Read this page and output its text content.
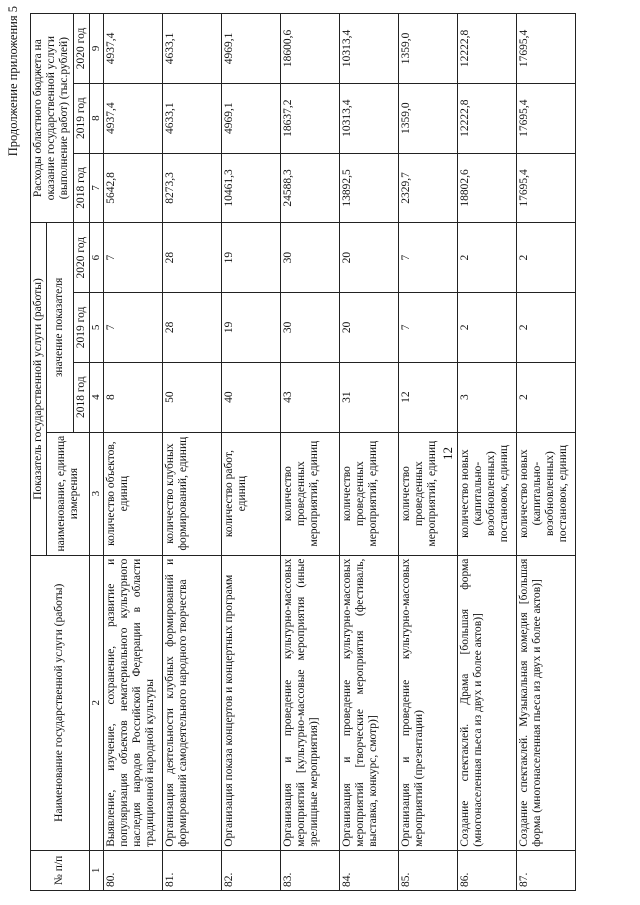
Продолжение приложения 5
12
№ п/п	Наименование государственной услуги (работы)	Показатель государственной услуги (работы)				Расходы областного бюджета на оказание государственной услуги (выполнение работ) (тыс.рублей)		
		наименование, единица измерения	значение показателя					
			2018 год	2019 год	2020 год	2018 год	2019 год	2020 год
1	2	3	4	5	6	7	8	9
80.	Выявление, изучение, сохранение, развитие и популяризация объектов нематериального культурного наследия народов Российской Федерации в области традиционной народной культуры	количество объектов, единиц	8	7	7	5642,8	4937,4	4937,4
81.	Организация деятельности клубных формирований и формирований самодеятельного народного творчества	количество клубных формирований, единиц	50	28	28	8273,3	4633,1	4633,1
82.	Организация показа концертов и концертных программ	количество работ, единиц	40	19	19	10461,3	4969,1	4969,1
83.	Организация и проведение культурно-массовых мероприятий [культурно-массовые мероприятия (иные зрелищные мероприятия)]	количество проведенных мероприятий, единиц	43	30	30	24588,3	18637,2	18600,6
84.	Организация и проведение культурно-массовых мероприятий [творческие мероприятия (фестиваль, выставка, конкурс, смотр)]	количество проведенных мероприятий, единиц	31	20	20	13892,5	10313,4	10313,4
85.	Организация и проведение культурно-массовых мероприятий (презентации)	количество проведенных мероприятий, единиц	12	7	7	2329,7	1359,0	1359,0
86.	Создание спектаклей. Драма [большая форма (многонаселенная пьеса из двух и более актов)]	количество новых (капитально-возобновленных) постановок, единиц	3	2	2	18802,6	12222,8	12222,8
87.	Создание спектаклей. Музыкальная комедия [большая форма (многонаселенная пьеса из двух и более актов)]	количество новых (капитально-возобновленных) постановок, единиц	2	2	2	17695,4	17695,4	17695,4
